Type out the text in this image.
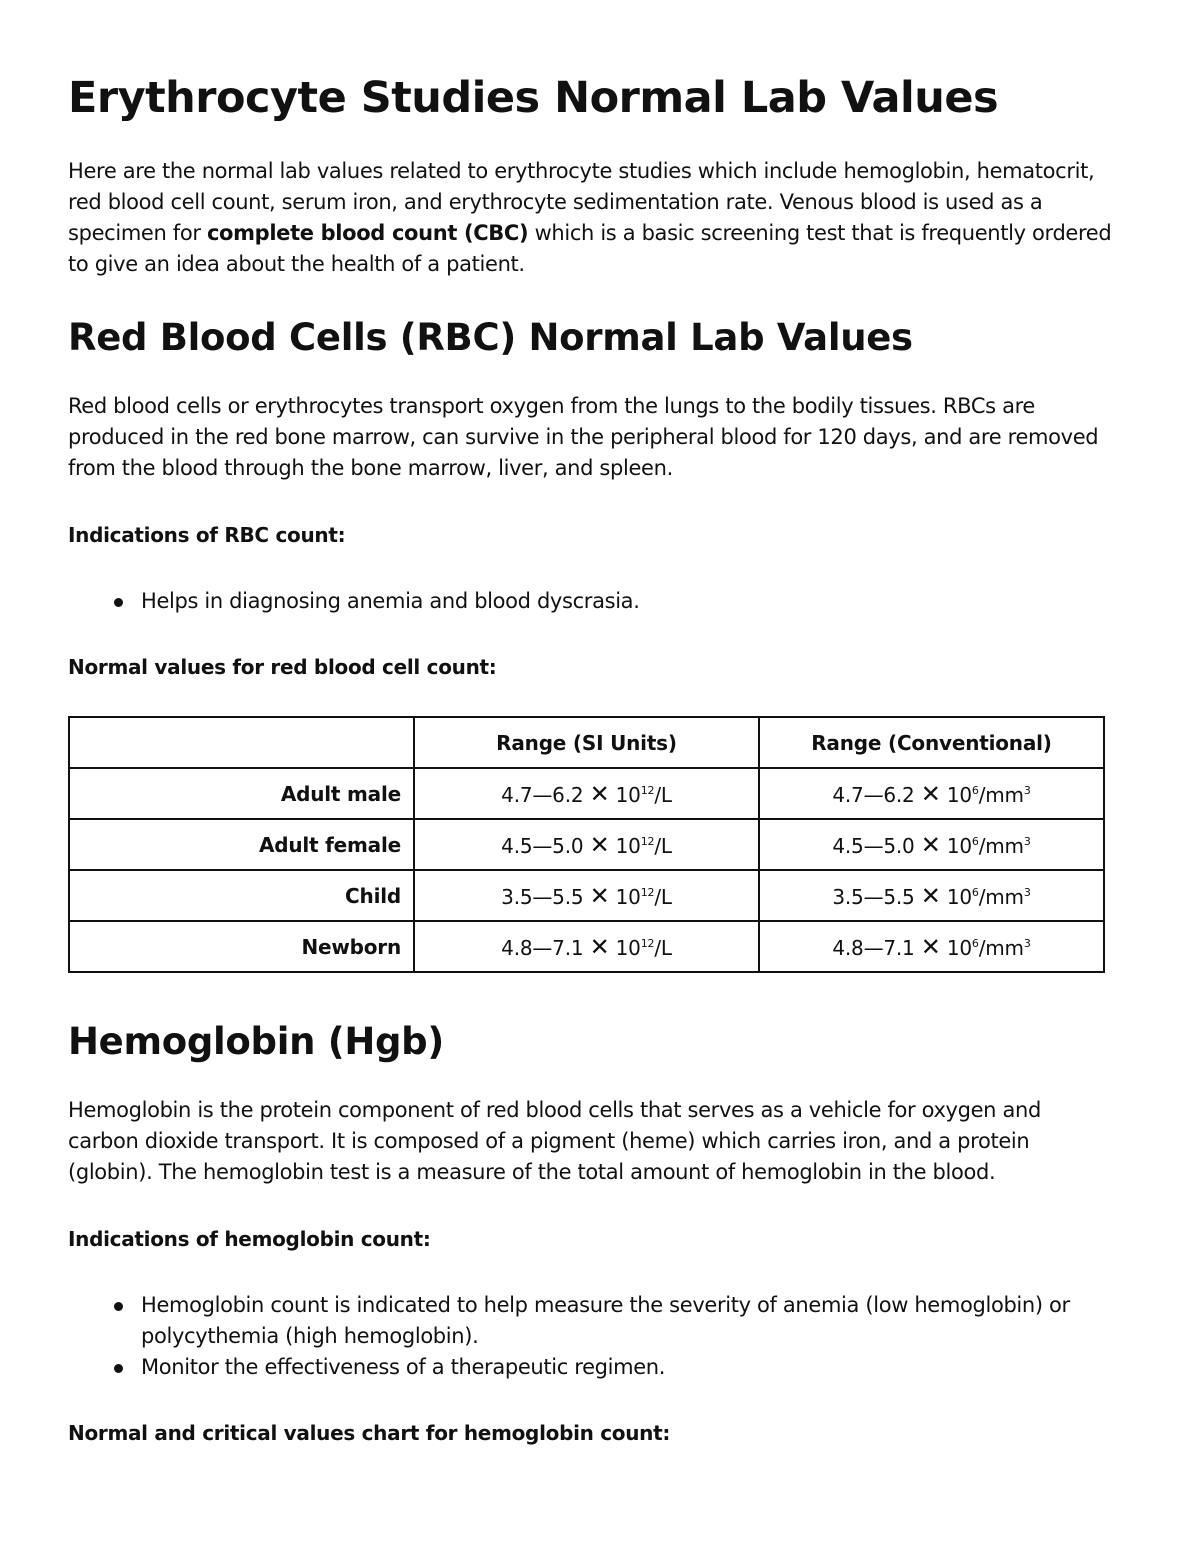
Erythrocyte Studies Normal Lab Values

Here are the normal lab values related to erythrocyte studies which include hemoglobin, hematocrit, red blood cell count, serum iron, and erythrocyte sedimentation rate. Venous blood is used as a specimen for complete blood count (CBC) which is a basic screening test that is frequently ordered to give an idea about the health of a patient.

Red Blood Cells (RBC) Normal Lab Values

Red blood cells or erythrocytes transport oxygen from the lungs to the bodily tissues. RBCs are produced in the red bone marrow, can survive in the peripheral blood for 120 days, and are removed from the blood through the bone marrow, liver, and spleen.

Indications of RBC count:

Helps in diagnosing anemia and blood dyscrasia.

Normal values for red blood cell count:

	Range (SI Units)	Range (Conventional)
Adult male	4.7—6.2 ✕ $10^{12}/L$	4.7—6.2 ✕ $10^6/mm^3$
Adult female	4.5—5.0 ✕ $10^{12}/L$	4.5—5.0 ✕ $10^6/mm^3$
Child	3.5—5.5 ✕ $10^{12}/L$	3.5—5.5 ✕ $10^6/mm^3$
Newborn	4.8—7.1 ✕ $10^{12}/L$	4.8—7.1 ✕ $10^6/mm^3$
Hemoglobin (Hgb)

Hemoglobin is the protein component of red blood cells that serves as a vehicle for oxygen and carbon dioxide transport. It is composed of a pigment (heme) which carries iron, and a protein (globin). The hemoglobin test is a measure of the total amount of hemoglobin in the blood.

Indications of hemoglobin count:

Hemoglobin count is indicated to help measure the severity of anemia (low hemoglobin) or polycythemia (high hemoglobin).
Monitor the effectiveness of a therapeutic regimen.

Normal and critical values chart for hemoglobin count:
